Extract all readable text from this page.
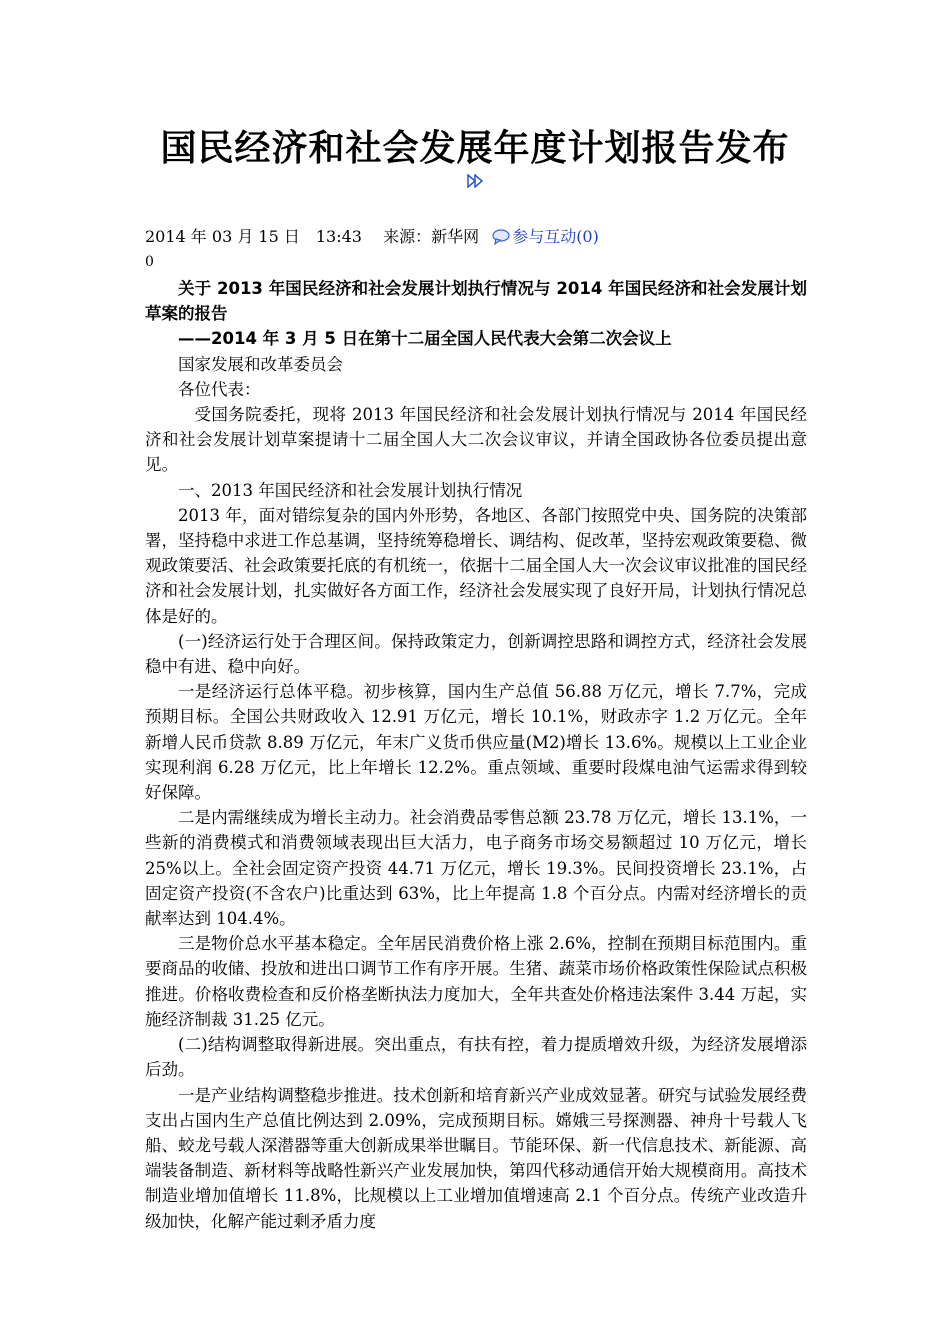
国民经济和社会发展年度计划报告发布
2014 年 03 月 15 日 13:43 来源：新华网 参与互动(0)
0

关于 2013 年国民经济和社会发展计划执行情况与 2014 年国民经济和社会发展计划草案的报告

——2014 年 3 月 5 日在第十二届全国人民代表大会第二次会议上

国家发展和改革委员会

各位代表：

受国务院委托，现将 2013 年国民经济和社会发展计划执行情况与 2014 年国民经济和社会发展计划草案提请十二届全国人大二次会议审议，并请全国政协各位委员提出意见。

一、2013 年国民经济和社会发展计划执行情况

2013 年，面对错综复杂的国内外形势，各地区、各部门按照党中央、国务院的决策部署，坚持稳中求进工作总基调，坚持统筹稳增长、调结构、促改革，坚持宏观政策要稳、微观政策要活、社会政策要托底的有机统一，依据十二届全国人大一次会议审议批准的国民经济和社会发展计划，扎实做好各方面工作，经济社会发展实现了良好开局，计划执行情况总体是好的。

(一)经济运行处于合理区间。保持政策定力，创新调控思路和调控方式，经济社会发展稳中有进、稳中向好。

一是经济运行总体平稳。初步核算，国内生产总值 56.88 万亿元，增长 7.7%，完成预期目标。全国公共财政收入 12.91 万亿元，增长 10.1%，财政赤字 1.2 万亿元。全年新增人民币贷款 8.89 万亿元，年末广义货币供应量(M2)增长 13.6%。规模以上工业企业实现利润 6.28 万亿元，比上年增长 12.2%。重点领域、重要时段煤电油气运需求得到较好保障。

二是内需继续成为增长主动力。社会消费品零售总额 23.78 万亿元，增长 13.1%，一些新的消费模式和消费领域表现出巨大活力，电子商务市场交易额超过 10 万亿元，增长 25%以上。全社会固定资产投资 44.71 万亿元，增长 19.3%。民间投资增长 23.1%，占固定资产投资(不含农户)比重达到 63%，比上年提高 1.8 个百分点。内需对经济增长的贡献率达到 104.4%。

三是物价总水平基本稳定。全年居民消费价格上涨 2.6%，控制在预期目标范围内。重要商品的收储、投放和进出口调节工作有序开展。生猪、蔬菜市场价格政策性保险试点积极推进。价格收费检查和反价格垄断执法力度加大，全年共查处价格违法案件 3.44 万起，实施经济制裁 31.25 亿元。

(二)结构调整取得新进展。突出重点，有扶有控，着力提质增效升级，为经济发展增添后劲。

一是产业结构调整稳步推进。技术创新和培育新兴产业成效显著。研究与试验发展经费支出占国内生产总值比例达到 2.09%，完成预期目标。嫦娥三号探测器、神舟十号载人飞船、蛟龙号载人深潜器等重大创新成果举世瞩目。节能环保、新一代信息技术、新能源、高端装备制造、新材料等战略性新兴产业发展加快，第四代移动通信开始大规模商用。高技术制造业增加值增长 11.8%，比规模以上工业增加值增速高 2.1 个百分点。传统产业改造升级加快，化解产能过剩矛盾力度
